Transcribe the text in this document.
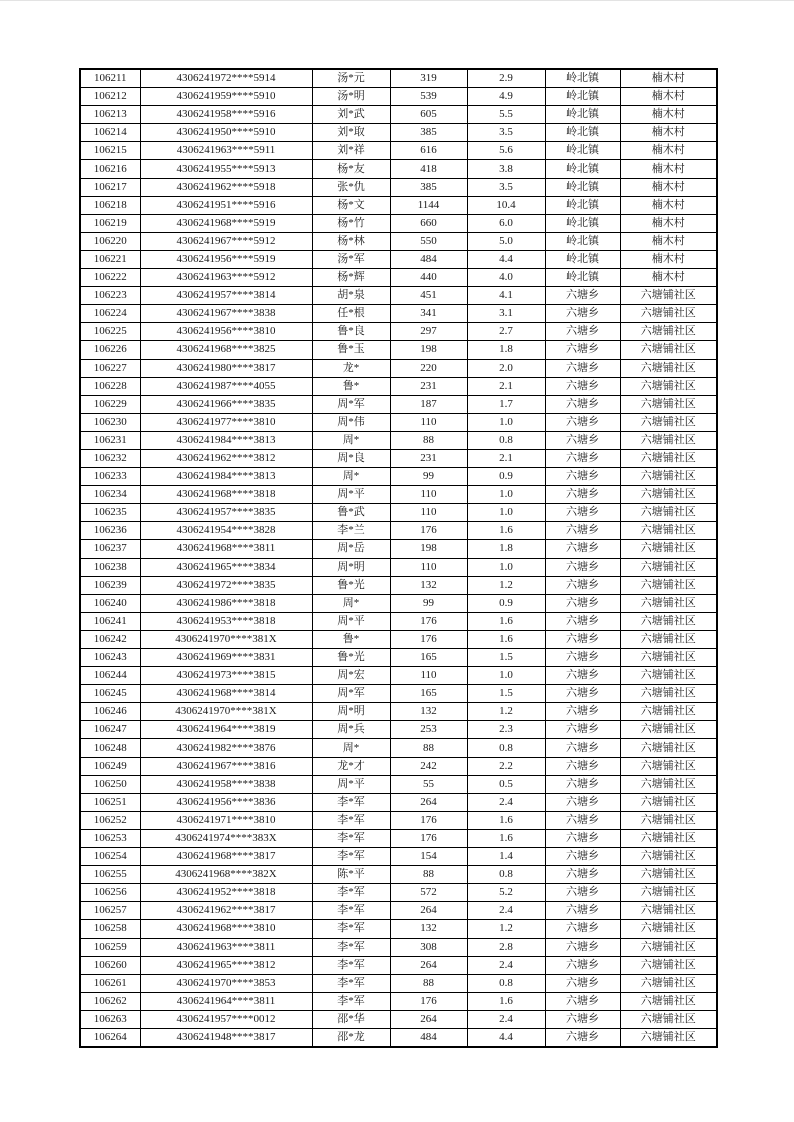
106211	4306241972****5914	汤*元	319	2.9	岭北镇	楠木村
106212	4306241959****5910	汤*明	539	4.9	岭北镇	楠木村
106213	4306241958****5916	刘*武	605	5.5	岭北镇	楠木村
106214	4306241950****5910	刘*取	385	3.5	岭北镇	楠木村
106215	4306241963****5911	刘*祥	616	5.6	岭北镇	楠木村
106216	4306241955****5913	杨*友	418	3.8	岭北镇	楠木村
106217	4306241962****5918	张*仇	385	3.5	岭北镇	楠木村
106218	4306241951****5916	杨*文	1144	10.4	岭北镇	楠木村
106219	4306241968****5919	杨*竹	660	6.0	岭北镇	楠木村
106220	4306241967****5912	杨*林	550	5.0	岭北镇	楠木村
106221	4306241956****5919	汤*军	484	4.4	岭北镇	楠木村
106222	4306241963****5912	杨*辉	440	4.0	岭北镇	楠木村
106223	4306241957****3814	胡*泉	451	4.1	六塘乡	六塘铺社区
106224	4306241967****3838	任*根	341	3.1	六塘乡	六塘铺社区
106225	4306241956****3810	鲁*良	297	2.7	六塘乡	六塘铺社区
106226	4306241968****3825	鲁*玉	198	1.8	六塘乡	六塘铺社区
106227	4306241980****3817	龙*	220	2.0	六塘乡	六塘铺社区
106228	4306241987****4055	鲁*	231	2.1	六塘乡	六塘铺社区
106229	4306241966****3835	周*军	187	1.7	六塘乡	六塘铺社区
106230	4306241977****3810	周*伟	110	1.0	六塘乡	六塘铺社区
106231	4306241984****3813	周*	88	0.8	六塘乡	六塘铺社区
106232	4306241962****3812	周*良	231	2.1	六塘乡	六塘铺社区
106233	4306241984****3813	周*	99	0.9	六塘乡	六塘铺社区
106234	4306241968****3818	周*平	110	1.0	六塘乡	六塘铺社区
106235	4306241957****3835	鲁*武	110	1.0	六塘乡	六塘铺社区
106236	4306241954****3828	李*兰	176	1.6	六塘乡	六塘铺社区
106237	4306241968****3811	周*岳	198	1.8	六塘乡	六塘铺社区
106238	4306241965****3834	周*明	110	1.0	六塘乡	六塘铺社区
106239	4306241972****3835	鲁*光	132	1.2	六塘乡	六塘铺社区
106240	4306241986****3818	周*	99	0.9	六塘乡	六塘铺社区
106241	4306241953****3818	周*平	176	1.6	六塘乡	六塘铺社区
106242	4306241970****381X	鲁*	176	1.6	六塘乡	六塘铺社区
106243	4306241969****3831	鲁*光	165	1.5	六塘乡	六塘铺社区
106244	4306241973****3815	周*宏	110	1.0	六塘乡	六塘铺社区
106245	4306241968****3814	周*军	165	1.5	六塘乡	六塘铺社区
106246	4306241970****381X	周*明	132	1.2	六塘乡	六塘铺社区
106247	4306241964****3819	周*兵	253	2.3	六塘乡	六塘铺社区
106248	4306241982****3876	周*	88	0.8	六塘乡	六塘铺社区
106249	4306241967****3816	龙*才	242	2.2	六塘乡	六塘铺社区
106250	4306241958****3838	周*平	55	0.5	六塘乡	六塘铺社区
106251	4306241956****3836	李*军	264	2.4	六塘乡	六塘铺社区
106252	4306241971****3810	李*军	176	1.6	六塘乡	六塘铺社区
106253	4306241974****383X	李*军	176	1.6	六塘乡	六塘铺社区
106254	4306241968****3817	李*军	154	1.4	六塘乡	六塘铺社区
106255	4306241968****382X	陈*平	88	0.8	六塘乡	六塘铺社区
106256	4306241952****3818	李*军	572	5.2	六塘乡	六塘铺社区
106257	4306241962****3817	李*军	264	2.4	六塘乡	六塘铺社区
106258	4306241968****3810	李*军	132	1.2	六塘乡	六塘铺社区
106259	4306241963****3811	李*军	308	2.8	六塘乡	六塘铺社区
106260	4306241965****3812	李*军	264	2.4	六塘乡	六塘铺社区
106261	4306241970****3853	李*军	88	0.8	六塘乡	六塘铺社区
106262	4306241964****3811	李*军	176	1.6	六塘乡	六塘铺社区
106263	4306241957****0012	邵*华	264	2.4	六塘乡	六塘铺社区
106264	4306241948****3817	邵*龙	484	4.4	六塘乡	六塘铺社区
